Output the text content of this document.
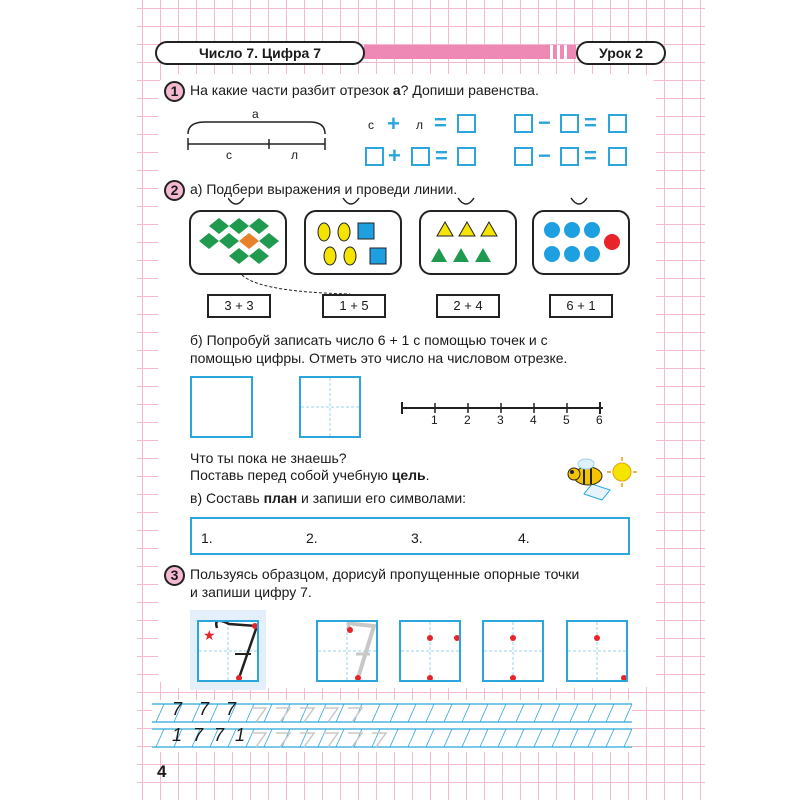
Число 7. Цифра 7	Урок 2
1 На какие части разбит отрезок а? Допиши равенства.
а
с	л
с + л =	− =
+ =	− =
2 а) Подбери выражения и проведи линии.
3 + 3	1 + 5	2 + 4	6 + 1
б) Попробуй записать число 6 + 1 с помощью точек и с
помощью цифры. Отметь это число на числовом отрезке.
1 2 3 4 5 6
Что ты пока не знаешь?
Поставь перед собой учебную цель.
в) Составь план и запиши его символами:
1.	2.	3.	4.
3 Пользуясь образцом, дорисуй пропущенные опорные точки
и запиши цифру 7.
★
7 7 7
1 7 7 1
4
